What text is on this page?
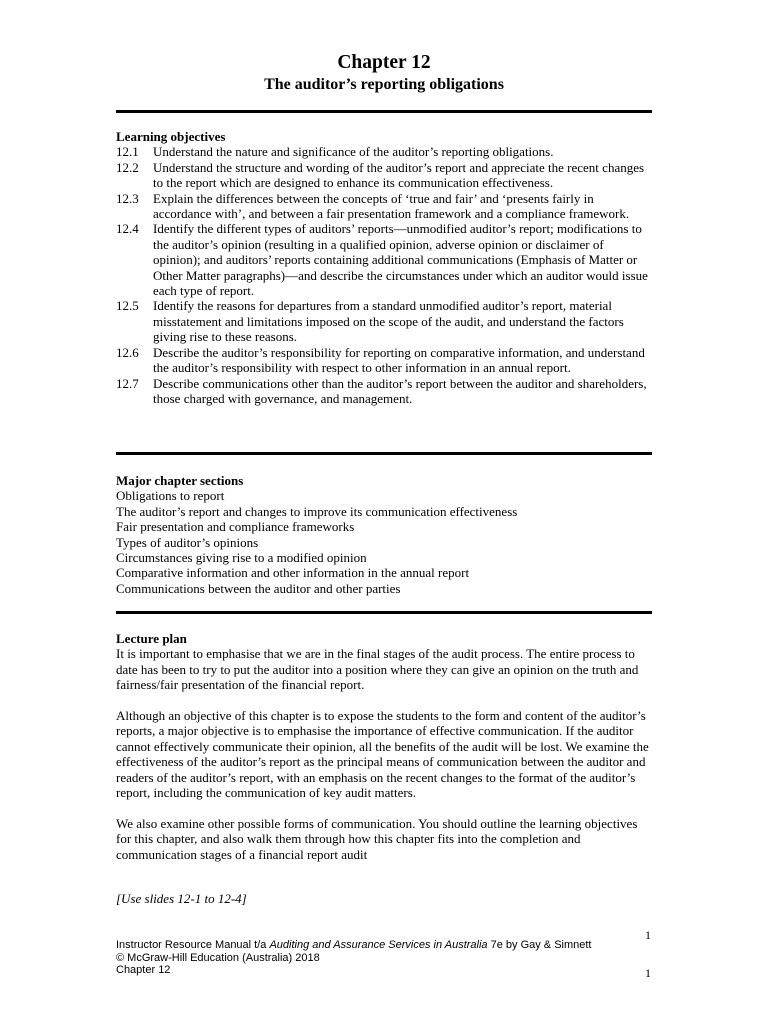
Chapter 12
The auditor’s reporting obligations
Learning objectives
12.1	Understand the nature and significance of the auditor’s reporting obligations.
12.2	Understand the structure and wording of the auditor’s report and appreciate the recent changes to the report which are designed to enhance its communication effectiveness.
12.3	Explain the differences between the concepts of ‘true and fair’ and ‘presents fairly in accordance with’, and between a fair presentation framework and a compliance framework.
12.4	Identify the different types of auditors’ reports—unmodified auditor’s report; modifications to the auditor’s opinion (resulting in a qualified opinion, adverse opinion or disclaimer of opinion); and auditors’ reports containing additional communications (Emphasis of Matter or Other Matter paragraphs)—and describe the circumstances under which an auditor would issue each type of report.
12.5	Identify the reasons for departures from a standard unmodified auditor’s report, material misstatement and limitations imposed on the scope of the audit, and understand the factors giving rise to these reasons.
12.6	Describe the auditor’s responsibility for reporting on comparative information, and understand the auditor’s responsibility with respect to other information in an annual report.
12.7	Describe communications other than the auditor’s report between the auditor and shareholders, those charged with governance, and management.
Major chapter sections
Obligations to report
The auditor’s report and changes to improve its communication effectiveness
Fair presentation and compliance frameworks
Types of auditor’s opinions
Circumstances giving rise to a modified opinion
Comparative information and other information in the annual report
Communications between the auditor and other parties
Lecture plan

It is important to emphasise that we are in the final stages of the audit process. The entire process to date has been to try to put the auditor into a position where they can give an opinion on the truth and fairness/fair presentation of the financial report.

Although an objective of this chapter is to expose the students to the form and content of the auditor’s reports, a major objective is to emphasise the importance of effective communication. If the auditor cannot effectively communicate their opinion, all the benefits of the audit will be lost. We examine the effectiveness of the auditor’s report as the principal means of communication between the auditor and readers of the auditor’s report, with an emphasis on the recent changes to the format of the auditor’s report, including the communication of key audit matters.

We also examine other possible forms of communication. You should outline the learning objectives for this chapter, and also walk them through how this chapter fits into the completion and communication stages of a financial report audit

[Use slides 12-1 to 12-4]
1
Instructor Resource Manual t/a Auditing and Assurance Services in Australia 7e by Gay & Simnett
© McGraw-Hill Education (Australia) 2018
Chapter 12	1
